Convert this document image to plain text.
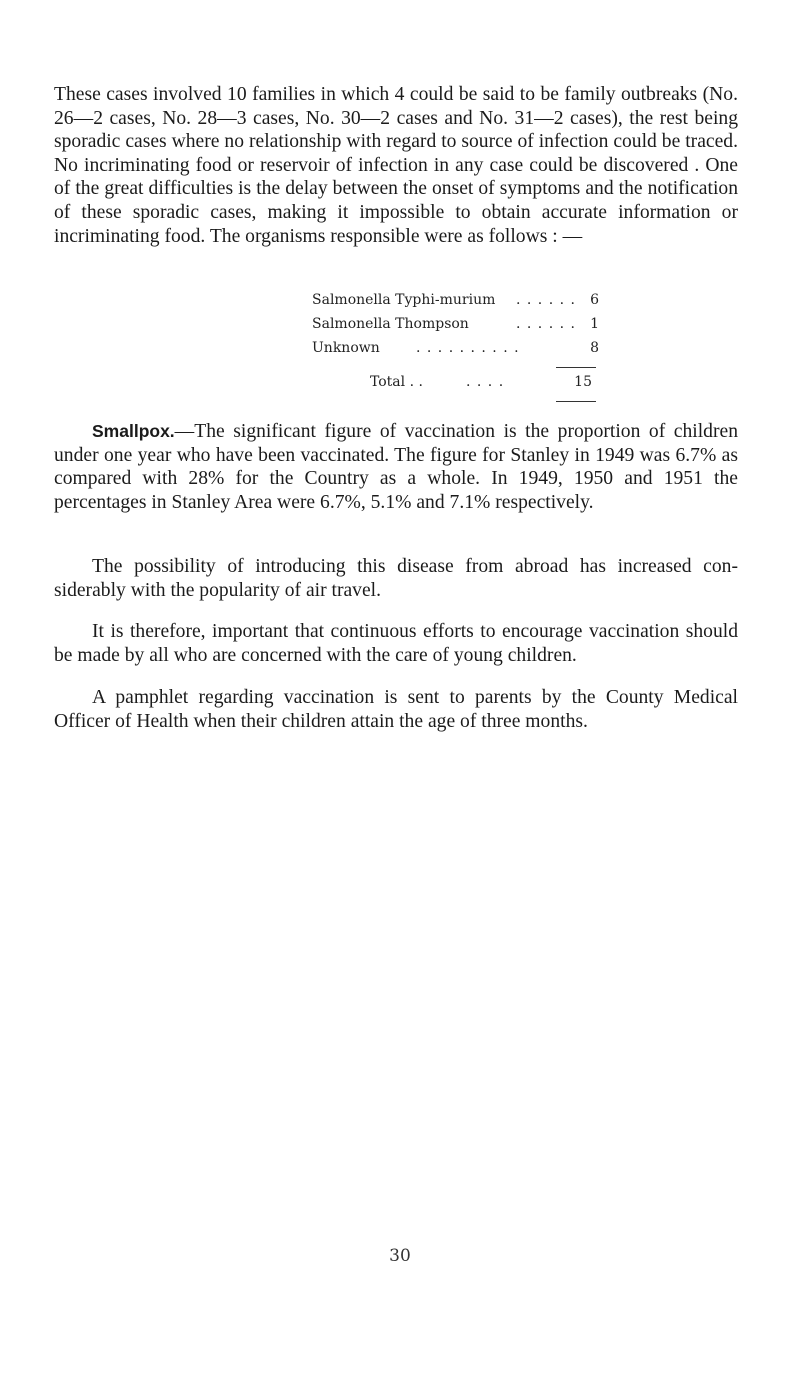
These cases involved 10 families in which 4 could be said to be family outbreaks (No. 26—2 cases, No. 28—3 cases, No. 30—2 cases and No. 31—2 cases), the rest being sporadic cases where no relationship with regard to source of infection could be traced. No incriminating food or reservoir of infection in any case could be discovered . One of the great difficulties is the delay between the onset of symptoms and the notification of these sporadic cases, making it impossible to obtain accurate information or incriminating food. The organisms responsible were as follows : —

Salmonella Typhi-murium . . . . . .	6
Salmonella Thompson	. . . . . .	1
Unknown	. . . . . . . . . .	8
Total . .	. . . .	15

Smallpox.—The significant figure of vaccination is the proportion of children under one year who have been vaccinated. The figure for Stanley in 1949 was 6.7% as compared with 28% for the Country as a whole. In 1949, 1950 and 1951 the percentages in Stanley Area were 6.7%, 5.1% and 7.1% respectively.

The possibility of introducing this disease from abroad has increased con- siderably with the popularity of air travel.

It is therefore, important that continuous efforts to encourage vaccination should be made by all who are concerned with the care of young children.

A pamphlet regarding vaccination is sent to parents by the County Medical Officer of Health when their children attain the age of three months.

30
